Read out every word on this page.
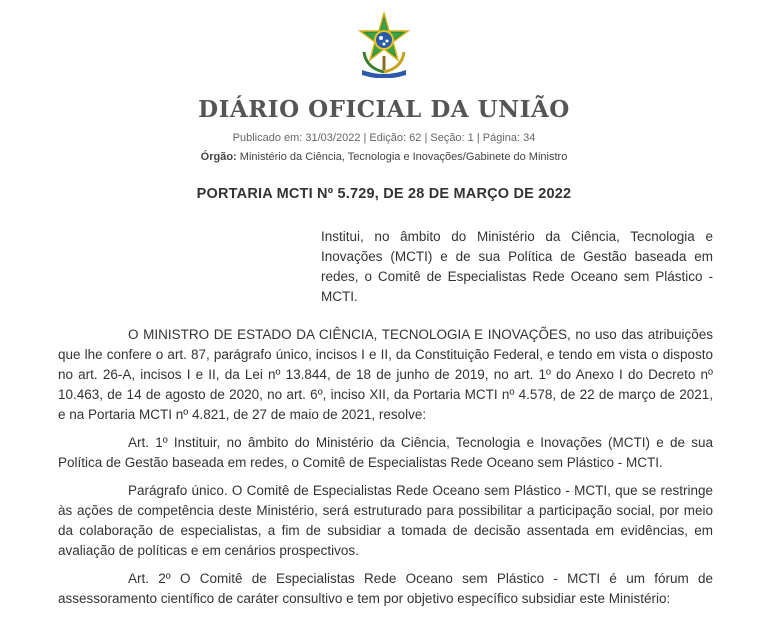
DIÁRIO OFICIAL DA UNIÃO
Publicado em: 31/03/2022 | Edição: 62 | Seção: 1 | Página: 34
Órgão: Ministério da Ciência, Tecnologia e Inovações/Gabinete do Ministro
PORTARIA MCTI Nº 5.729, DE 28 DE MARÇO DE 2022
Institui, no âmbito do Ministério da Ciência, Tecnologia e Inovações (MCTI) e de sua Política de Gestão baseada em redes, o Comitê de Especialistas Rede Oceano sem Plástico - MCTI.

O MINISTRO DE ESTADO DA CIÊNCIA, TECNOLOGIA E INOVAÇÕES, no uso das atribuições que lhe confere o art. 87, parágrafo único, incisos I e II, da Constituição Federal, e tendo em vista o disposto no art. 26-A, incisos I e II, da Lei nº 13.844, de 18 de junho de 2019, no art. 1º do Anexo I do Decreto nº 10.463, de 14 de agosto de 2020, no art. 6º, inciso XII, da Portaria MCTI nº 4.578, de 22 de março de 2021, e na Portaria MCTI nº 4.821, de 27 de maio de 2021, resolve:

Art. 1º Instituir, no âmbito do Ministério da Ciência, Tecnologia e Inovações (MCTI) e de sua Política de Gestão baseada em redes, o Comitê de Especialistas Rede Oceano sem Plástico - MCTI.

Parágrafo único. O Comitê de Especialistas Rede Oceano sem Plástico - MCTI, que se restringe às ações de competência deste Ministério, será estruturado para possibilitar a participação social, por meio da colaboração de especialistas, a fim de subsidiar a tomada de decisão assentada em evidências, em avaliação de políticas e em cenários prospectivos.

Art. 2º O Comitê de Especialistas Rede Oceano sem Plástico - MCTI é um fórum de assessoramento científico de caráter consultivo e tem por objetivo específico subsidiar este Ministério:
